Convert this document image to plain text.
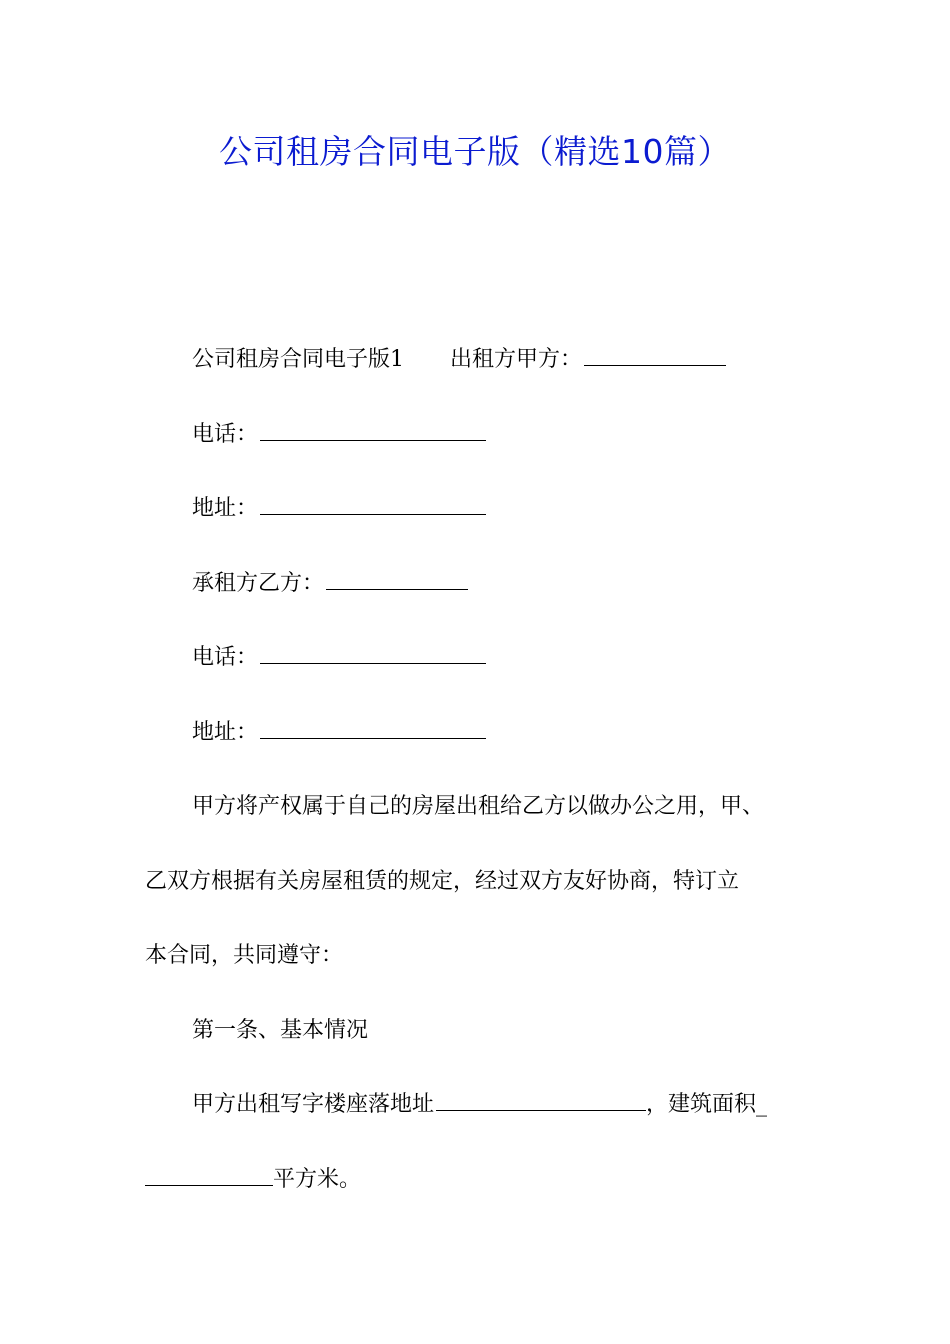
公司租房合同电子版（精选10篇）
公司租房合同电子版1 出租方甲方：
电话：
地址：
承租方乙方：
电话：
地址：
甲方将产权属于自己的房屋出租给乙方以做办公之用，甲、
乙双方根据有关房屋租赁的规定，经过双方友好协商，特订立
本合同，共同遵守：
第一条、基本情况
甲方出租写字楼座落地址	，建筑面积_
平方米。
